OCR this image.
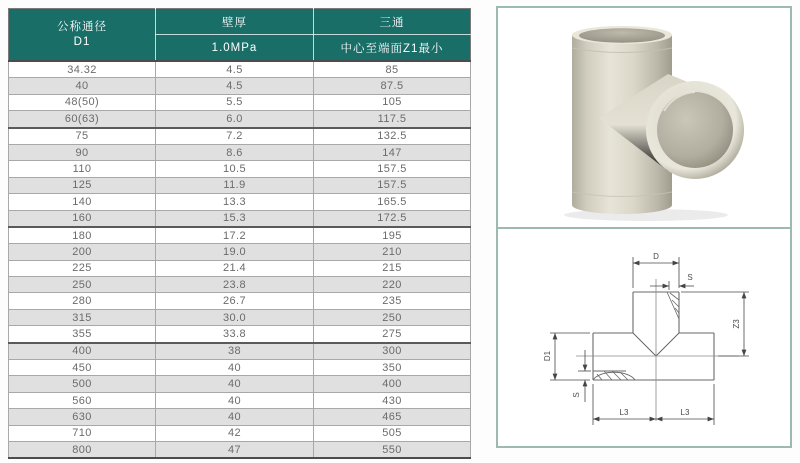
公称通径
D1	壁厚	三通
	1.0MPa	中心至端面Z1最小
34.32	4.5	85
40	4.5	87.5
48(50)	5.5	105
60(63)	6.0	117.5
75	7.2	132.5
90	8.6	147
110	10.5	157.5
125	11.9	157.5
140	13.3	165.5
160	15.3	172.5
180	17.2	195
200	19.0	210
225	21.4	215
250	23.8	220
280	26.7	235
315	30.0	250
355	33.8	275
400	38	300
450	40	350
500	40	400
560	40	430
630	40	465
710	42	505
800	47	550
D
S
Z3
D1
S
L3	L3
